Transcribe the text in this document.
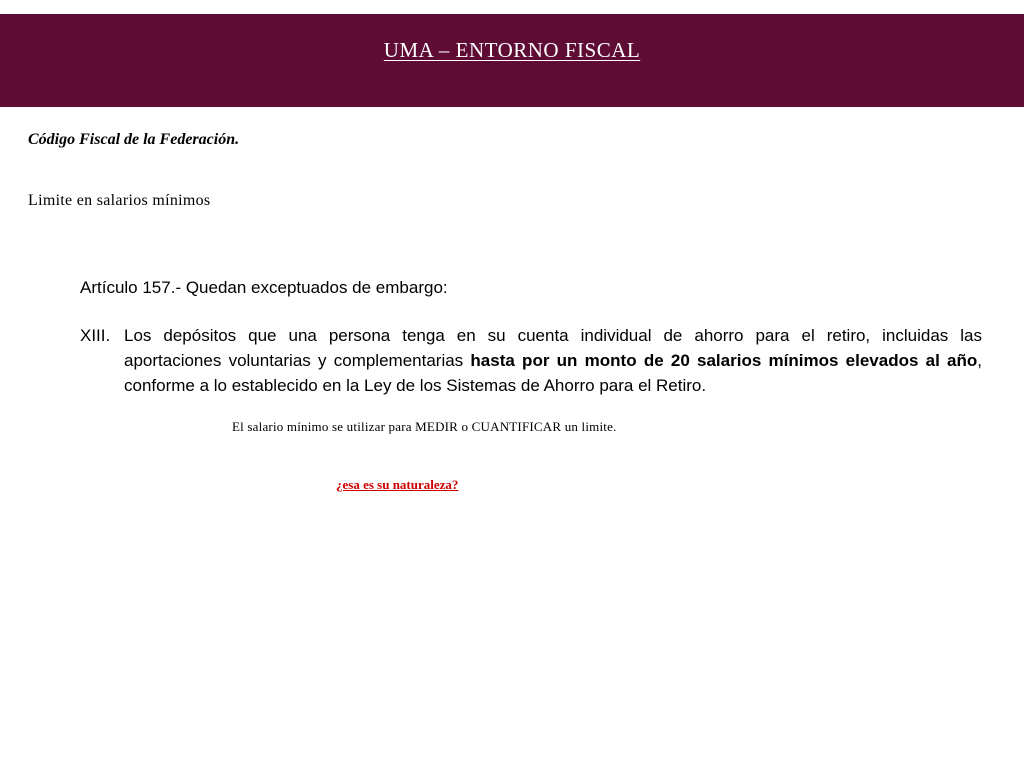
UMA – ENTORNO FISCAL
Código Fiscal de la Federación.
Limite en salarios mínimos
Artículo 157.- Quedan exceptuados de embargo:
XIII. Los depósitos que una persona tenga en su cuenta individual de ahorro para el retiro, incluidas las
aportaciones voluntarias y complementarias hasta por un monto de 20 salarios mínimos elevados al año, conforme a lo establecido en la Ley de los Sistemas de Ahorro para el Retiro.
El salario mínimo se utilizar para MEDIR o CUANTIFICAR un limite.
¿esa es su naturaleza?
